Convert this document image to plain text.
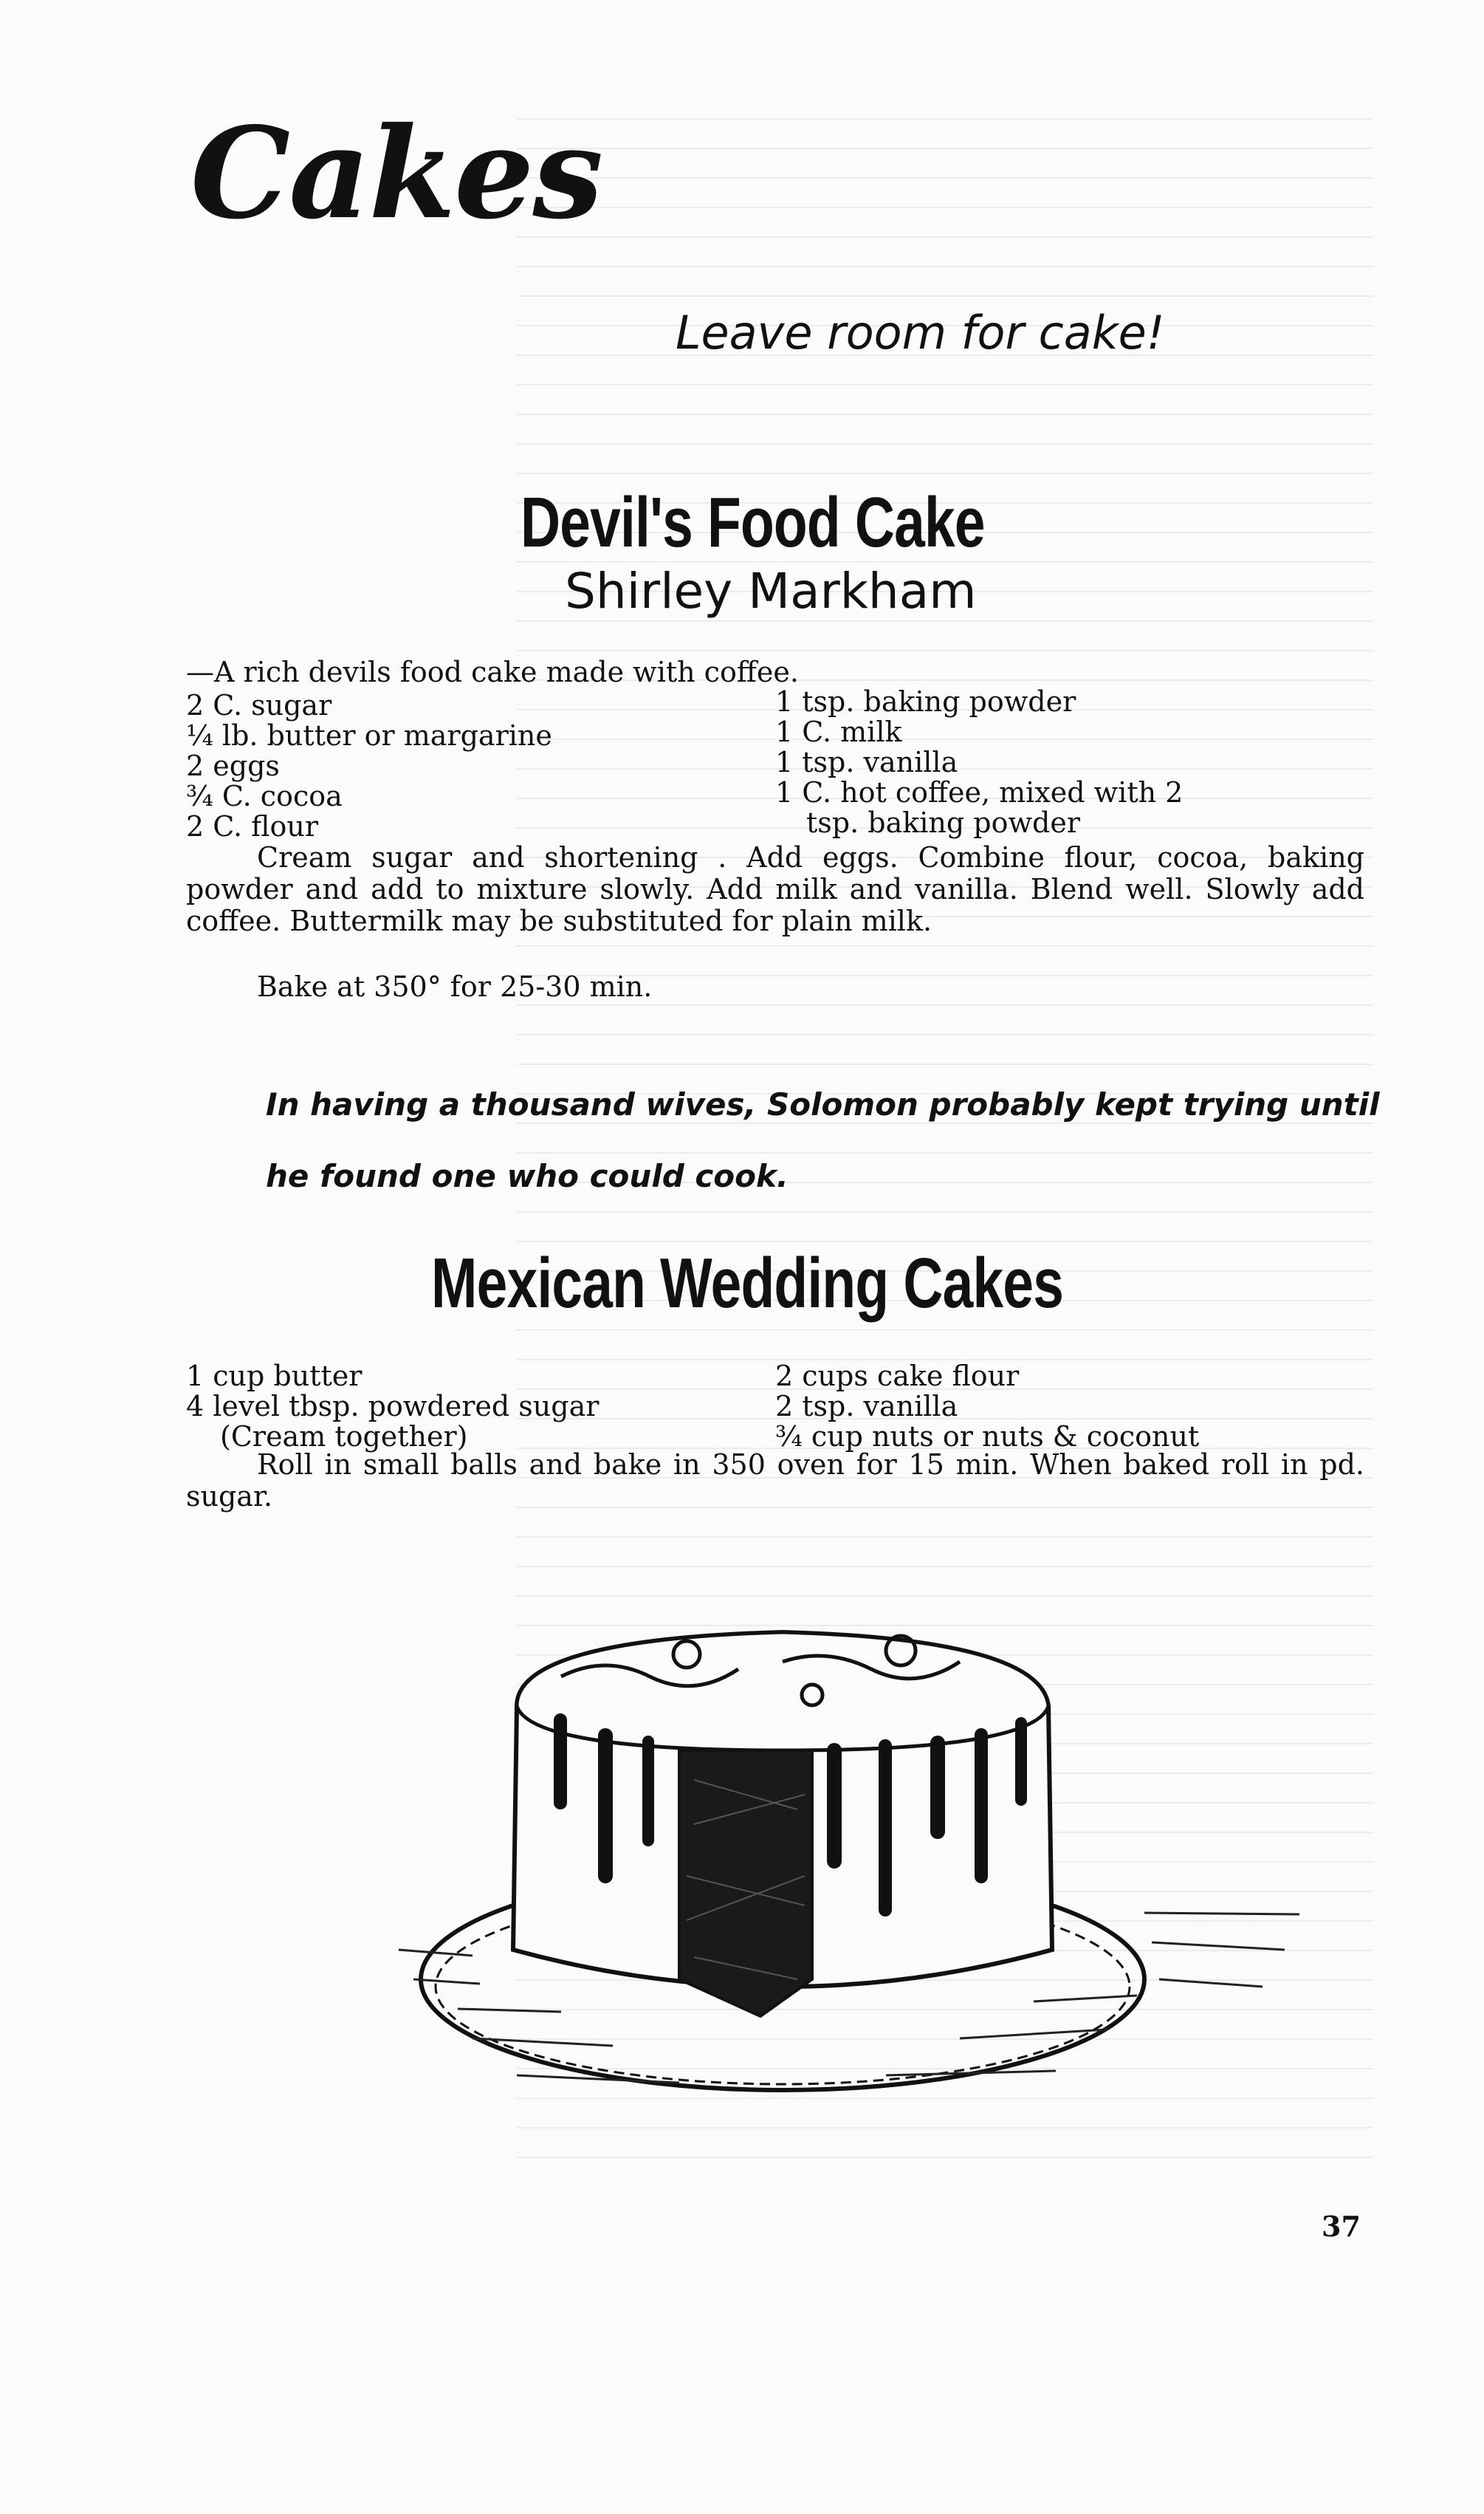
Cakes
Leave room for cake!
Devil's Food Cake
Shirley Markham
—A rich devils food cake made with coffee.
2 C. sugar
¼ lb. butter or margarine
2 eggs
¾ C. cocoa
2 C. flour
1 tsp. baking powder
1 C. milk
1 tsp. vanilla
1 C. hot coffee, mixed with 2
tsp. baking powder
Cream sugar and shortening . Add eggs. Combine flour, cocoa, baking powder and add to mixture slowly. Add milk and vanilla. Blend well. Slowly add coffee. Buttermilk may be substituted for plain milk.
Bake at 350° for 25-30 min.
In having a thousand wives, Solomon probably kept trying until
he found one who could cook.
Mexican Wedding Cakes
1 cup butter
4 level tbsp. powdered sugar
(Cream together)
2 cups cake flour
2 tsp. vanilla
¾ cup nuts or nuts & coconut
Roll in small balls and bake in 350 oven for 15 min. When baked roll in pd. sugar.
37
